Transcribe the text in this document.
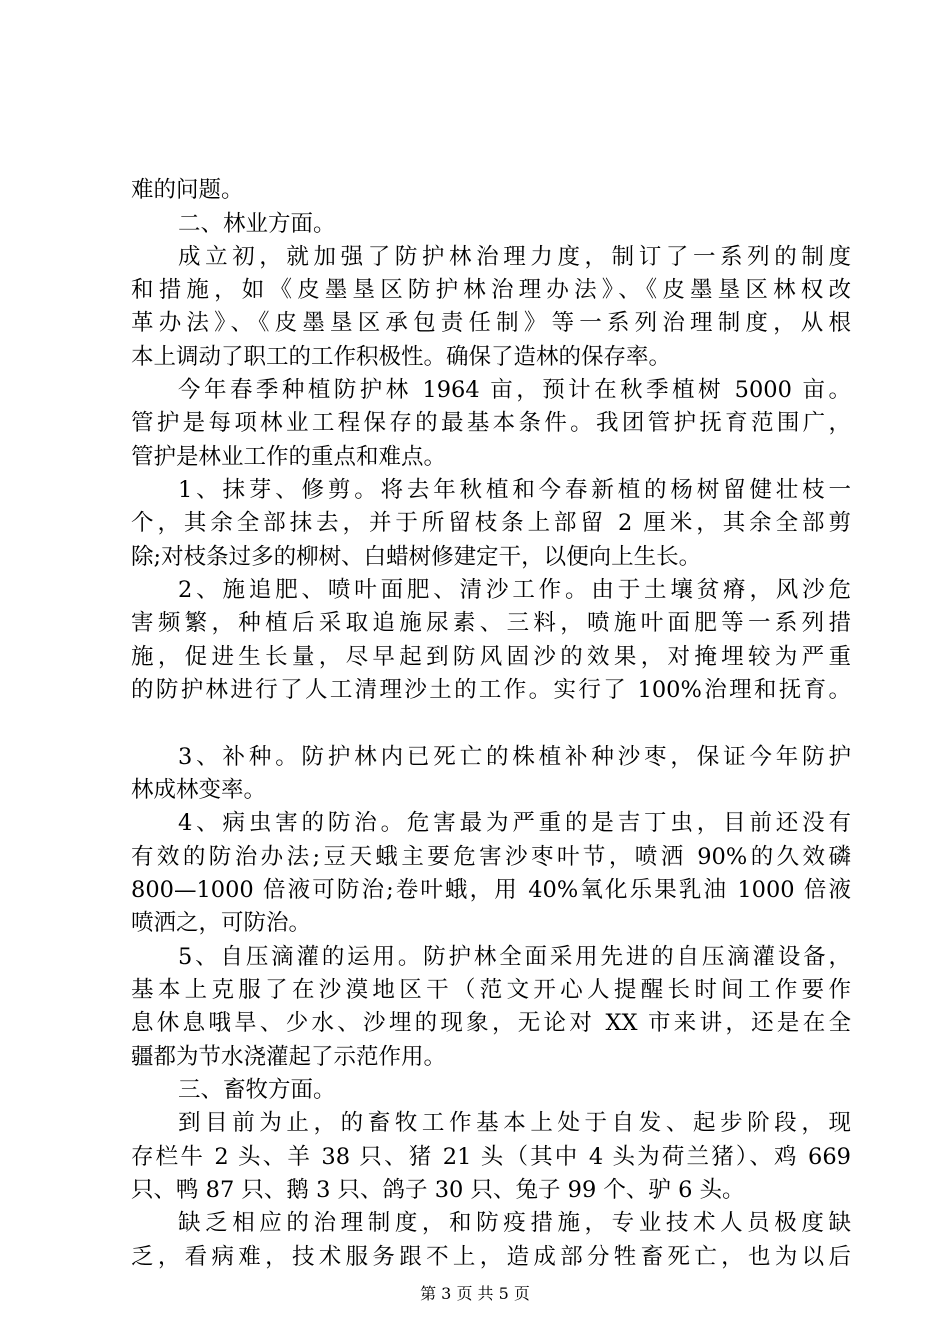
难的问题。
二、林业方面。
成立初，就加强了防护林治理力度，制订了一系列的制度
和措施，如《皮墨垦区防护林治理办法》、《皮墨垦区林权改
革办法》、《皮墨垦区承包责任制》等一系列治理制度，从根
本上调动了职工的工作积极性。确保了造林的保存率。
今年春季种植防护林 1964 亩，预计在秋季植树 5000 亩。
管护是每项林业工程保存的最基本条件。我团管护抚育范围广，
管护是林业工作的重点和难点。
1、抹芽、修剪。将去年秋植和今春新植的杨树留健壮枝一
个，其余全部抹去，并于所留枝条上部留 2 厘米，其余全部剪
除;对枝条过多的柳树、白蜡树修建定干，以便向上生长。
2、施追肥、喷叶面肥、清沙工作。由于土壤贫瘠，风沙危
害频繁，种植后采取追施尿素、三料，喷施叶面肥等一系列措
施，促进生长量，尽早起到防风固沙的效果，对掩埋较为严重
的防护林进行了人工清理沙土的工作。实行了 100%治理和抚育。
3、补种。防护林内已死亡的株植补种沙枣，保证今年防护
林成林变率。
4、病虫害的防治。危害最为严重的是吉丁虫，目前还没有
有效的防治办法;豆天蛾主要危害沙枣叶节，喷洒 90%的久效磷
800—1000 倍液可防治;卷叶蛾，用 40%氧化乐果乳油 1000 倍液
喷洒之，可防治。
5、自压滴灌的运用。防护林全面采用先进的自压滴灌设备，
基本上克服了在沙漠地区干（范文开心人提醒长时间工作要作
息休息哦旱、少水、沙埋的现象，无论对 XX 市来讲，还是在全
疆都为节水浇灌起了示范作用。
三、畜牧方面。
到目前为止，的畜牧工作基本上处于自发、起步阶段，现
存栏牛 2 头、羊 38 只、猪 21 头（其中 4 头为荷兰猪）、鸡 669
只、鸭 87 只、鹅 3 只、鸽子 30 只、兔子 99 个、驴 6 头。
缺乏相应的治理制度，和防疫措施，专业技术人员极度缺
乏，看病难，技术服务跟不上，造成部分牲畜死亡，也为以后
第 3 页 共 5 页
